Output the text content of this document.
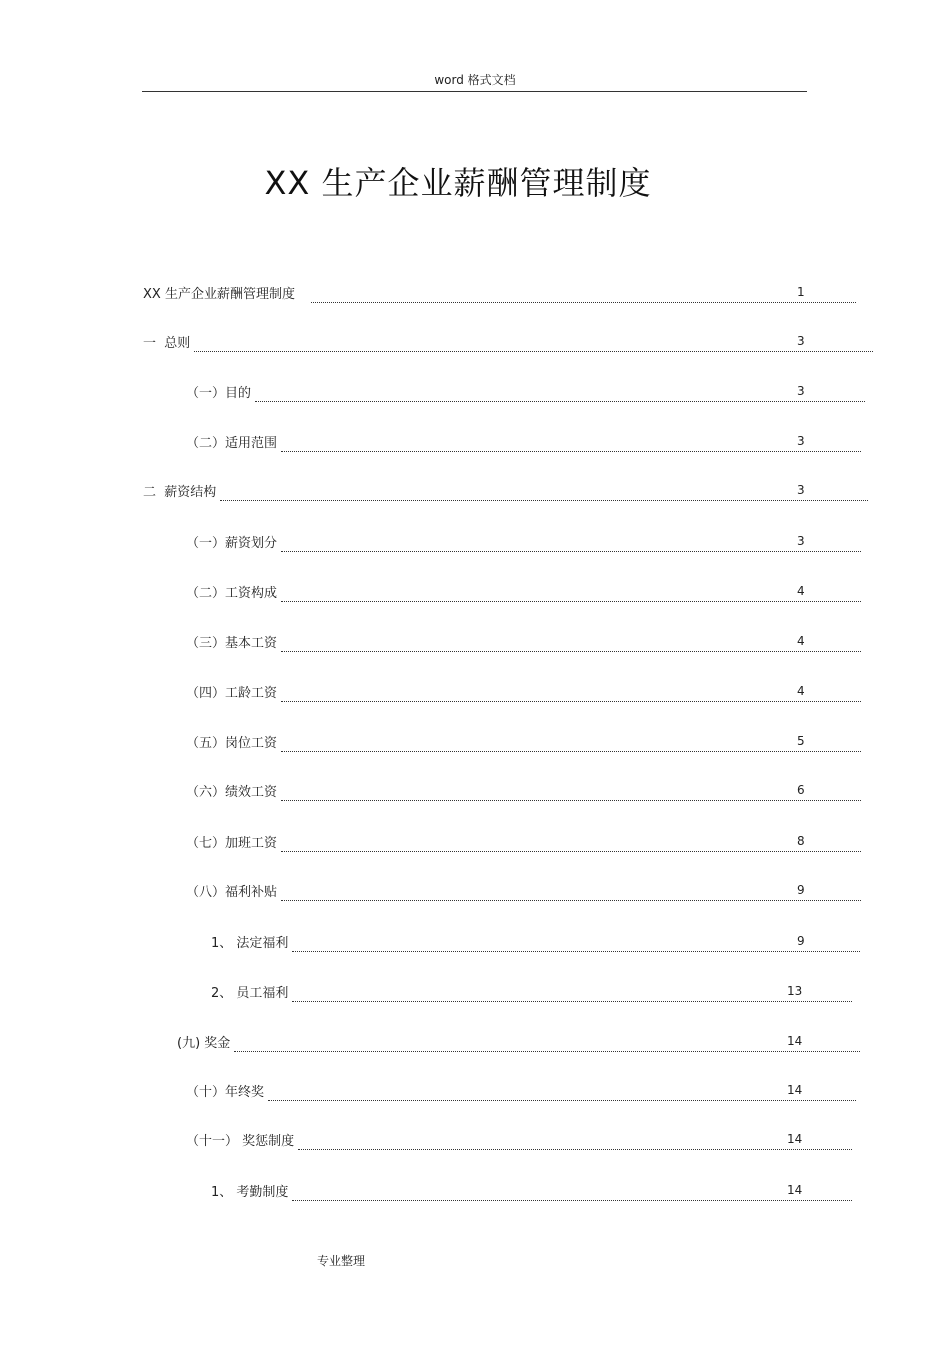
word 格式文档
XX 生产企业薪酬管理制度
XX 生产企业薪酬管理制度	1
一  总则	3
（一）目的	3
（二）适用范围	3
二  薪资结构	3
（一）薪资划分	3
（二）工资构成	4
（三）基本工资	4
（四）工龄工资	4
（五）岗位工资	5
（六）绩效工资	6
（七）加班工资	8
（八）福利补贴	9
1、 法定福利	9
2、 员工福利	13
(九) 奖金	14
（十）年终奖	14
（十一） 奖惩制度	14
1、 考勤制度	14
专业整理
